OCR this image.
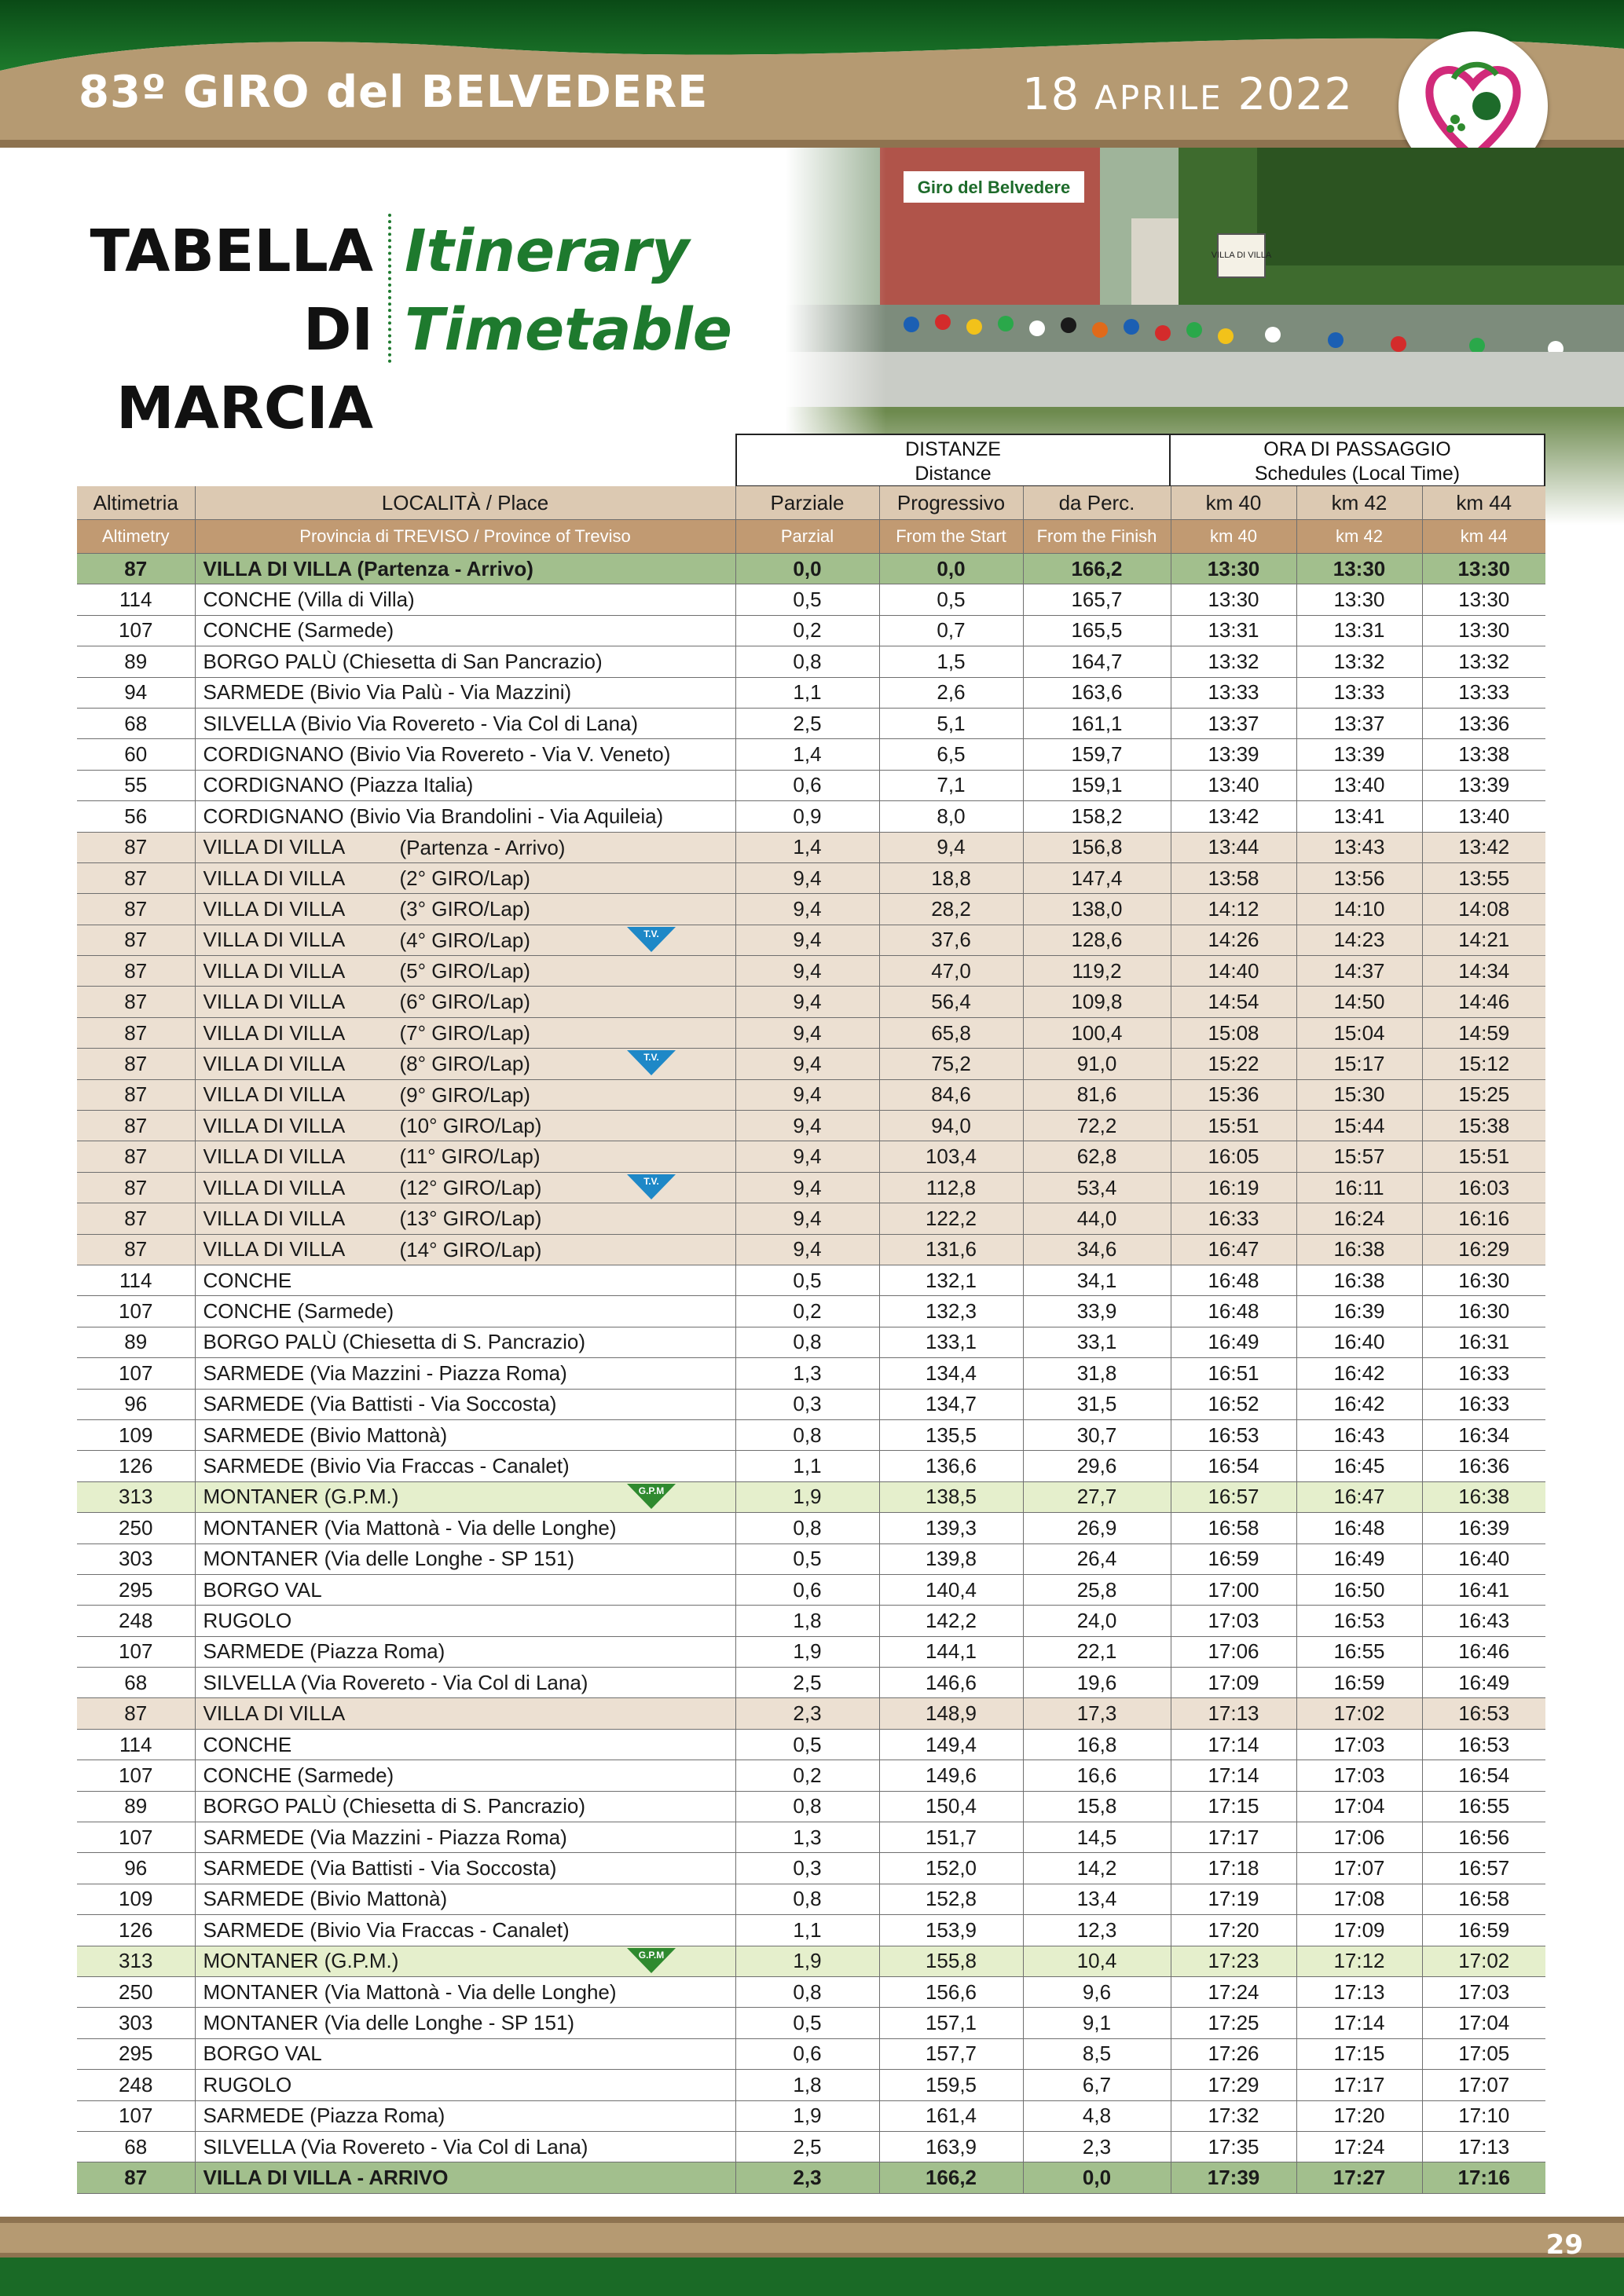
83º GIRO del BELVEDERE	18 APRILE 2022
TABELLA
DI MARCIA
Itinerary
Timetable
DISTANZE
Distance
ORA DI PASSAGGIO
Schedules (Local Time)
Altimetria	LOCALITÀ / Place	Parziale	Progressivo	da Perc.	km 40	km 42	km 44
Altimetry	Provincia di TREVISO / Province of Treviso	Parzial	From the Start	From the Finish	km 40	km 42	km 44
87	VILLA DI VILLA (Partenza - Arrivo)	0,0	0,0	166,2	13:30	13:30	13:30
114	CONCHE (Villa di Villa)	0,5	0,5	165,7	13:30	13:30	13:30
107	CONCHE (Sarmede)	0,2	0,7	165,5	13:31	13:31	13:30
89	BORGO PALÙ (Chiesetta di San Pancrazio)	0,8	1,5	164,7	13:32	13:32	13:32
94	SARMEDE (Bivio Via Palù - Via Mazzini)	1,1	2,6	163,6	13:33	13:33	13:33
68	SILVELLA (Bivio Via Rovereto - Via Col di Lana)	2,5	5,1	161,1	13:37	13:37	13:36
60	CORDIGNANO (Bivio Via Rovereto - Via V. Veneto)	1,4	6,5	159,7	13:39	13:39	13:38
55	CORDIGNANO (Piazza Italia)	0,6	7,1	159,1	13:40	13:40	13:39
56	CORDIGNANO (Bivio Via Brandolini - Via Aquileia)	0,9	8,0	158,2	13:42	13:41	13:40
87	VILLA DI VILLA (Partenza - Arrivo)	1,4	9,4	156,8	13:44	13:43	13:42
87	VILLA DI VILLA (2° GIRO/Lap)	9,4	18,8	147,4	13:58	13:56	13:55
87	VILLA DI VILLA (3° GIRO/Lap)	9,4	28,2	138,0	14:12	14:10	14:08
87	VILLA DI VILLA (4° GIRO/Lap) T.V.	9,4	37,6	128,6	14:26	14:23	14:21
87	VILLA DI VILLA (5° GIRO/Lap)	9,4	47,0	119,2	14:40	14:37	14:34
87	VILLA DI VILLA (6° GIRO/Lap)	9,4	56,4	109,8	14:54	14:50	14:46
87	VILLA DI VILLA (7° GIRO/Lap)	9,4	65,8	100,4	15:08	15:04	14:59
87	VILLA DI VILLA (8° GIRO/Lap) T.V.	9,4	75,2	91,0	15:22	15:17	15:12
87	VILLA DI VILLA (9° GIRO/Lap)	9,4	84,6	81,6	15:36	15:30	15:25
87	VILLA DI VILLA (10° GIRO/Lap)	9,4	94,0	72,2	15:51	15:44	15:38
87	VILLA DI VILLA (11° GIRO/Lap)	9,4	103,4	62,8	16:05	15:57	15:51
87	VILLA DI VILLA (12° GIRO/Lap) T.V.	9,4	112,8	53,4	16:19	16:11	16:03
87	VILLA DI VILLA (13° GIRO/Lap)	9,4	122,2	44,0	16:33	16:24	16:16
87	VILLA DI VILLA (14° GIRO/Lap)	9,4	131,6	34,6	16:47	16:38	16:29
114	CONCHE	0,5	132,1	34,1	16:48	16:38	16:30
107	CONCHE (Sarmede)	0,2	132,3	33,9	16:48	16:39	16:30
89	BORGO PALÙ (Chiesetta di S. Pancrazio)	0,8	133,1	33,1	16:49	16:40	16:31
107	SARMEDE (Via Mazzini - Piazza Roma)	1,3	134,4	31,8	16:51	16:42	16:33
96	SARMEDE (Via Battisti - Via Soccosta)	0,3	134,7	31,5	16:52	16:42	16:33
109	SARMEDE (Bivio Mattonà)	0,8	135,5	30,7	16:53	16:43	16:34
126	SARMEDE (Bivio Via Fraccas - Canalet)	1,1	136,6	29,6	16:54	16:45	16:36
313	MONTANER (G.P.M.) G.P.M	1,9	138,5	27,7	16:57	16:47	16:38
250	MONTANER (Via Mattonà - Via delle Longhe)	0,8	139,3	26,9	16:58	16:48	16:39
303	MONTANER (Via delle Longhe - SP 151)	0,5	139,8	26,4	16:59	16:49	16:40
295	BORGO VAL	0,6	140,4	25,8	17:00	16:50	16:41
248	RUGOLO	1,8	142,2	24,0	17:03	16:53	16:43
107	SARMEDE (Piazza Roma)	1,9	144,1	22,1	17:06	16:55	16:46
68	SILVELLA (Via Rovereto - Via Col di Lana)	2,5	146,6	19,6	17:09	16:59	16:49
87	VILLA DI VILLA	2,3	148,9	17,3	17:13	17:02	16:53
114	CONCHE	0,5	149,4	16,8	17:14	17:03	16:53
107	CONCHE (Sarmede)	0,2	149,6	16,6	17:14	17:03	16:54
89	BORGO PALÙ (Chiesetta di S. Pancrazio)	0,8	150,4	15,8	17:15	17:04	16:55
107	SARMEDE (Via Mazzini - Piazza Roma)	1,3	151,7	14,5	17:17	17:06	16:56
96	SARMEDE (Via Battisti - Via Soccosta)	0,3	152,0	14,2	17:18	17:07	16:57
109	SARMEDE (Bivio Mattonà)	0,8	152,8	13,4	17:19	17:08	16:58
126	SARMEDE (Bivio Via Fraccas - Canalet)	1,1	153,9	12,3	17:20	17:09	16:59
313	MONTANER (G.P.M.) G.P.M	1,9	155,8	10,4	17:23	17:12	17:02
250	MONTANER (Via Mattonà - Via delle Longhe)	0,8	156,6	9,6	17:24	17:13	17:03
303	MONTANER (Via delle Longhe - SP 151)	0,5	157,1	9,1	17:25	17:14	17:04
295	BORGO VAL	0,6	157,7	8,5	17:26	17:15	17:05
248	RUGOLO	1,8	159,5	6,7	17:29	17:17	17:07
107	SARMEDE (Piazza Roma)	1,9	161,4	4,8	17:32	17:20	17:10
68	SILVELLA (Via Rovereto - Via Col di Lana)	2,5	163,9	2,3	17:35	17:24	17:13
87	VILLA DI VILLA - ARRIVO	2,3	166,2	0,0	17:39	17:27	17:16
29
